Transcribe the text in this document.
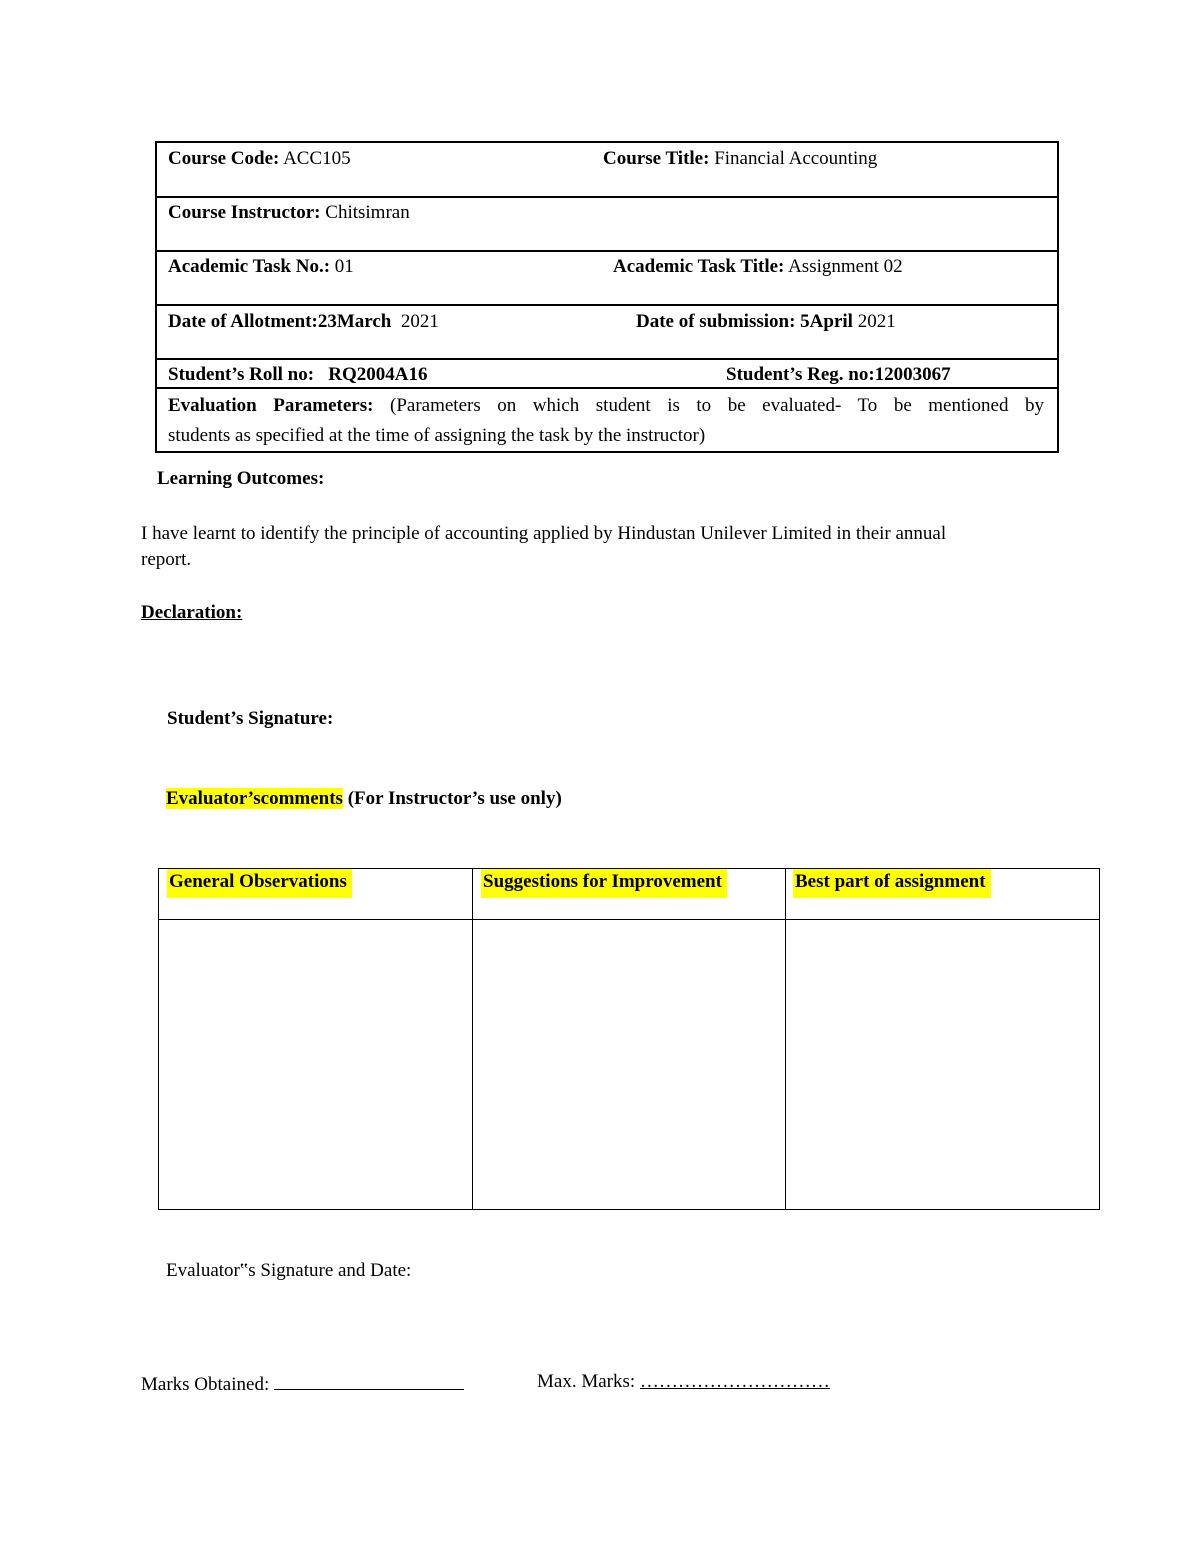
Course Code: ACC105	Course Title: Financial Accounting
Course Instructor: Chitsimran
Academic Task No.: 01	Academic Task Title: Assignment 02
Date of Allotment:23March 2021	Date of submission: 5April 2021
Student’s Roll no: RQ2004A16	Student’s Reg. no:12003067
Evaluation Parameters: (Parameters on which student is to be evaluated- To be mentioned by
students as specified at the time of assigning the task by the instructor)
Learning Outcomes:
I have learnt to identify the principle of accounting applied by Hindustan Unilever Limited in their annual
report.
Declaration:
Student’s Signature:
Evaluator’scomments (For Instructor’s use only)
General Observations	Suggestions for Improvement	Best part of assignment
Evaluator‟s Signature and Date:
Marks Obtained:	Max. Marks: …………………………
